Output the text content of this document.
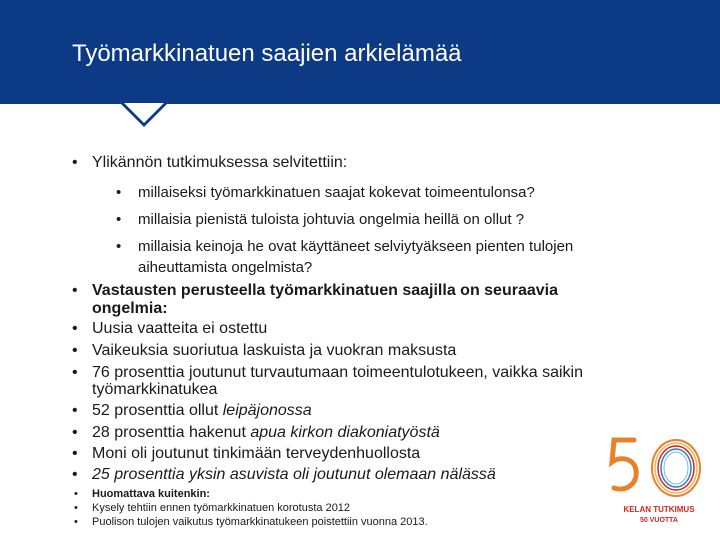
Työmarkkinatuen saajien arkielämää
• Ylikännön tutkimuksessa selvitettiin:
• millaiseksi työmarkkinatuen saajat kokevat toimeentulonsa?
• millaisia pienistä tuloista johtuvia ongelmia heillä on ollut ?
• millaisia keinoja he ovat käyttäneet selviytyäkseen pienten tulojen
aiheuttamista ongelmista?
• Vastausten perusteella työmarkkinatuen saajilla on seuraavia
ongelmia:
• Uusia vaatteita ei ostettu
• Vaikeuksia suoriutua laskuista ja vuokran maksusta
• 76 prosenttia joutunut turvautumaan toimeentulotukeen, vaikka saikin
työmarkkinatukea
• 52 prosenttia ollut leipäjonossa
• 28 prosenttia hakenut apua kirkon diakoniatyöstä
• Moni oli joutunut tinkimään terveydenhuollosta
• 25 prosenttia yksin asuvista oli joutunut olemaan nälässä
• Huomattava kuitenkin:
• Kysely tehtiin ennen työmarkkinatuen korotusta 2012
• Puolison tulojen vaikutus työmarkkinatukeen poistettiin vuonna 2013.
KELAN TUTKIMUS
50 VUOTTA
